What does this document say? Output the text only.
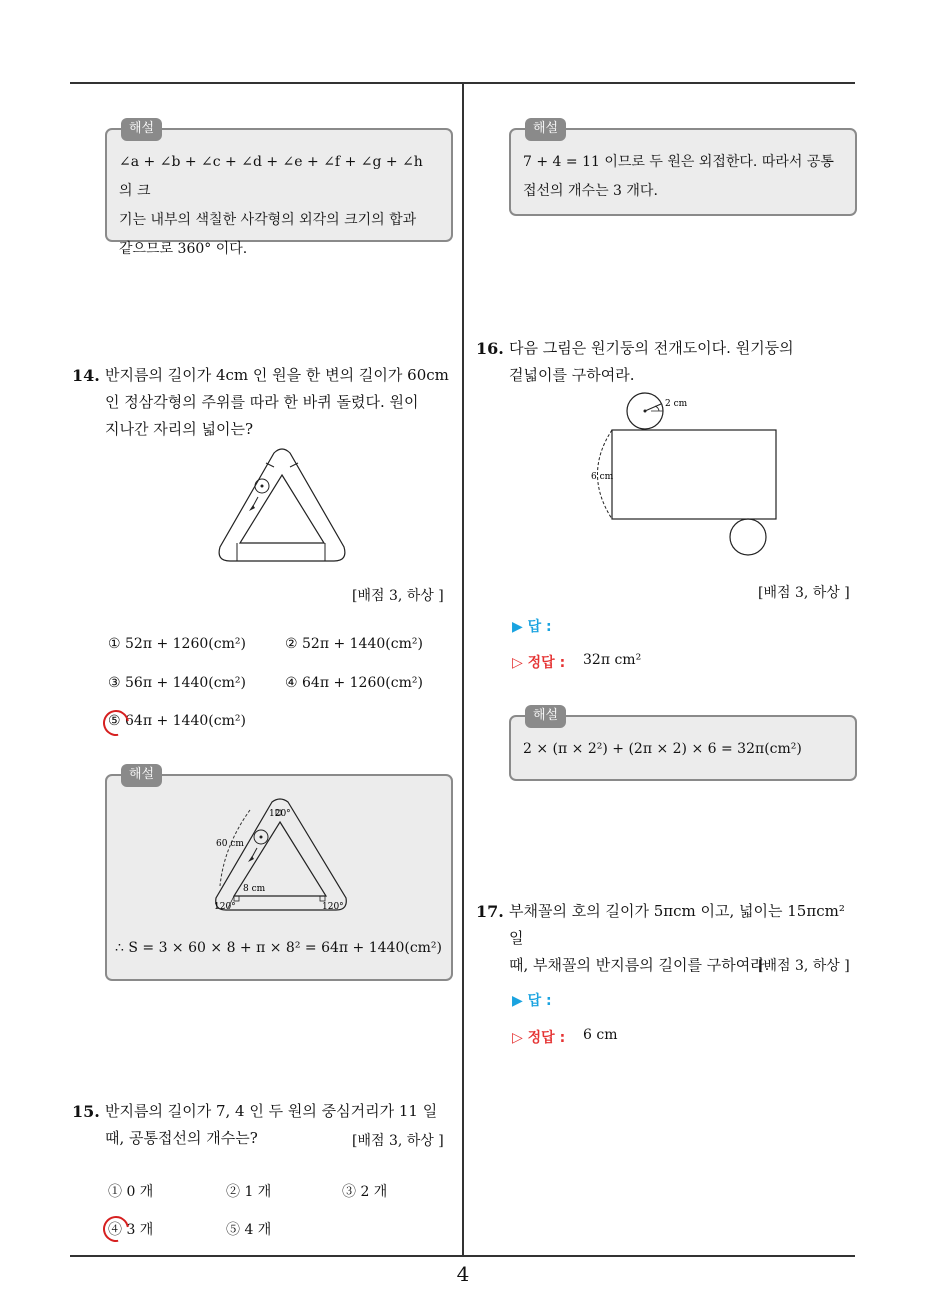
4
해설
∠a + ∠b + ∠c + ∠d + ∠e + ∠f + ∠g + ∠h 의 크
기는 내부의 색칠한 사각형의 외각의 크기의 합과
같으므로 360° 이다.
해설
7 + 4 = 11 이므로 두 원은 외접한다. 따라서 공통
접선의 개수는 3 개다.
14. 반지름의 길이가 4cm 인 원을 한 변의 길이가 60cm
인 정삼각형의 주위를 따라 한 바퀴 돌렸다. 원이
지나간 자리의 넓이는?
[배점 3, 하상 ]
① 52π + 1260(cm²)	② 52π + 1440(cm²)
③ 56π + 1440(cm²)	④ 64π + 1260(cm²)
⑤ 64π + 1440(cm²)
해설
60 cm
8 cm
120°
120°	120°
∴ S = 3 × 60 × 8 + π × 8² = 64π + 1440(cm²)
15. 반지름의 길이가 7, 4 인 두 원의 중심거리가 11 일
때, 공통접선의 개수는?	[배점 3, 하상 ]
① 0 개	② 1 개	③ 2 개
④ 3 개	⑤ 4 개
16. 다음 그림은 원기둥의 전개도이다. 원기둥의
겉넓이를 구하여라.
2 cm
6 cm
[배점 3, 하상 ]
▶ 답 :
▷ 정답 : 32π cm²
해설
2 × (π × 2²) + (2π × 2) × 6 = 32π(cm²)
17. 부채꼴의 호의 길이가 5πcm 이고, 넓이는 15πcm² 일
때, 부채꼴의 반지름의 길이를 구하여라.
[배점 3, 하상 ]
▶ 답 :
▷ 정답 : 6 cm
